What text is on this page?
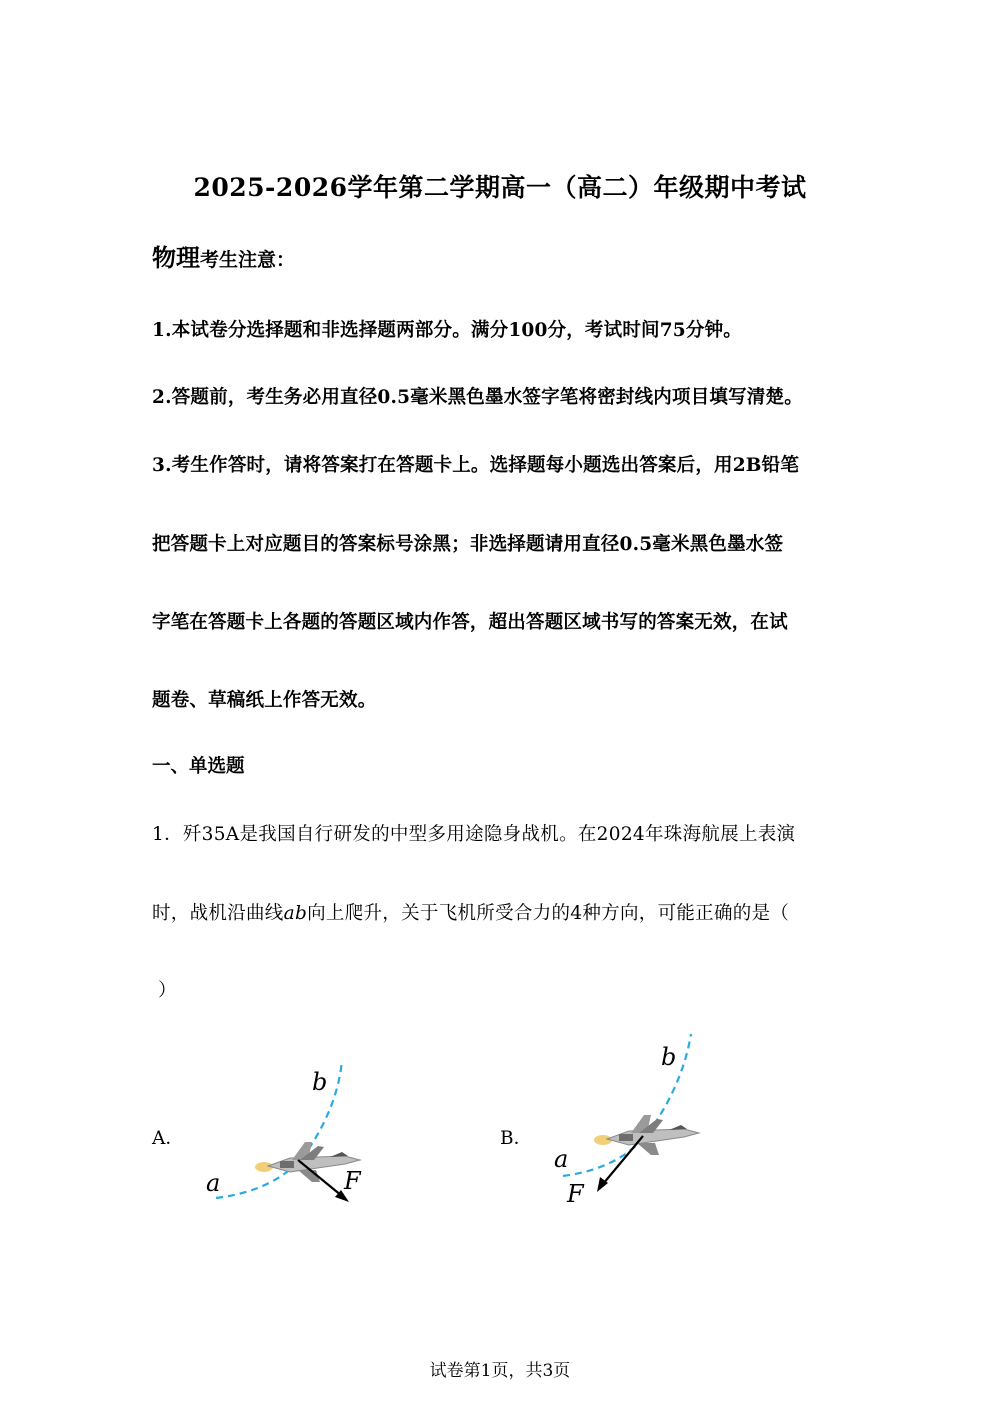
2025-2026学年第二学期高一（高二）年级期中考试
物理考生注意：
1.本试卷分选择题和非选择题两部分。满分100分，考试时间75分钟。
2.答题前，考生务必用直径0.5毫米黑色墨水签字笔将密封线内项目填写清楚。
3.考生作答时，请将答案打在答题卡上。选择题每小题选出答案后，用2B铅笔
把答题卡上对应题目的答案标号涂黑；非选择题请用直径0.5毫米黑色墨水签
字笔在答题卡上各题的答题区域内作答，超出答题区域书写的答案无效，在试
题卷、草稿纸上作答无效。
一、单选题
1．歼35A是我国自行研发的中型多用途隐身战机。在2024年珠海航展上表演
时，战机沿曲线ab向上爬升，关于飞机所受合力的4种方向，可能正确的是（
）
A．
a
b
F
B．
a
b
F
试卷第1页，共3页
